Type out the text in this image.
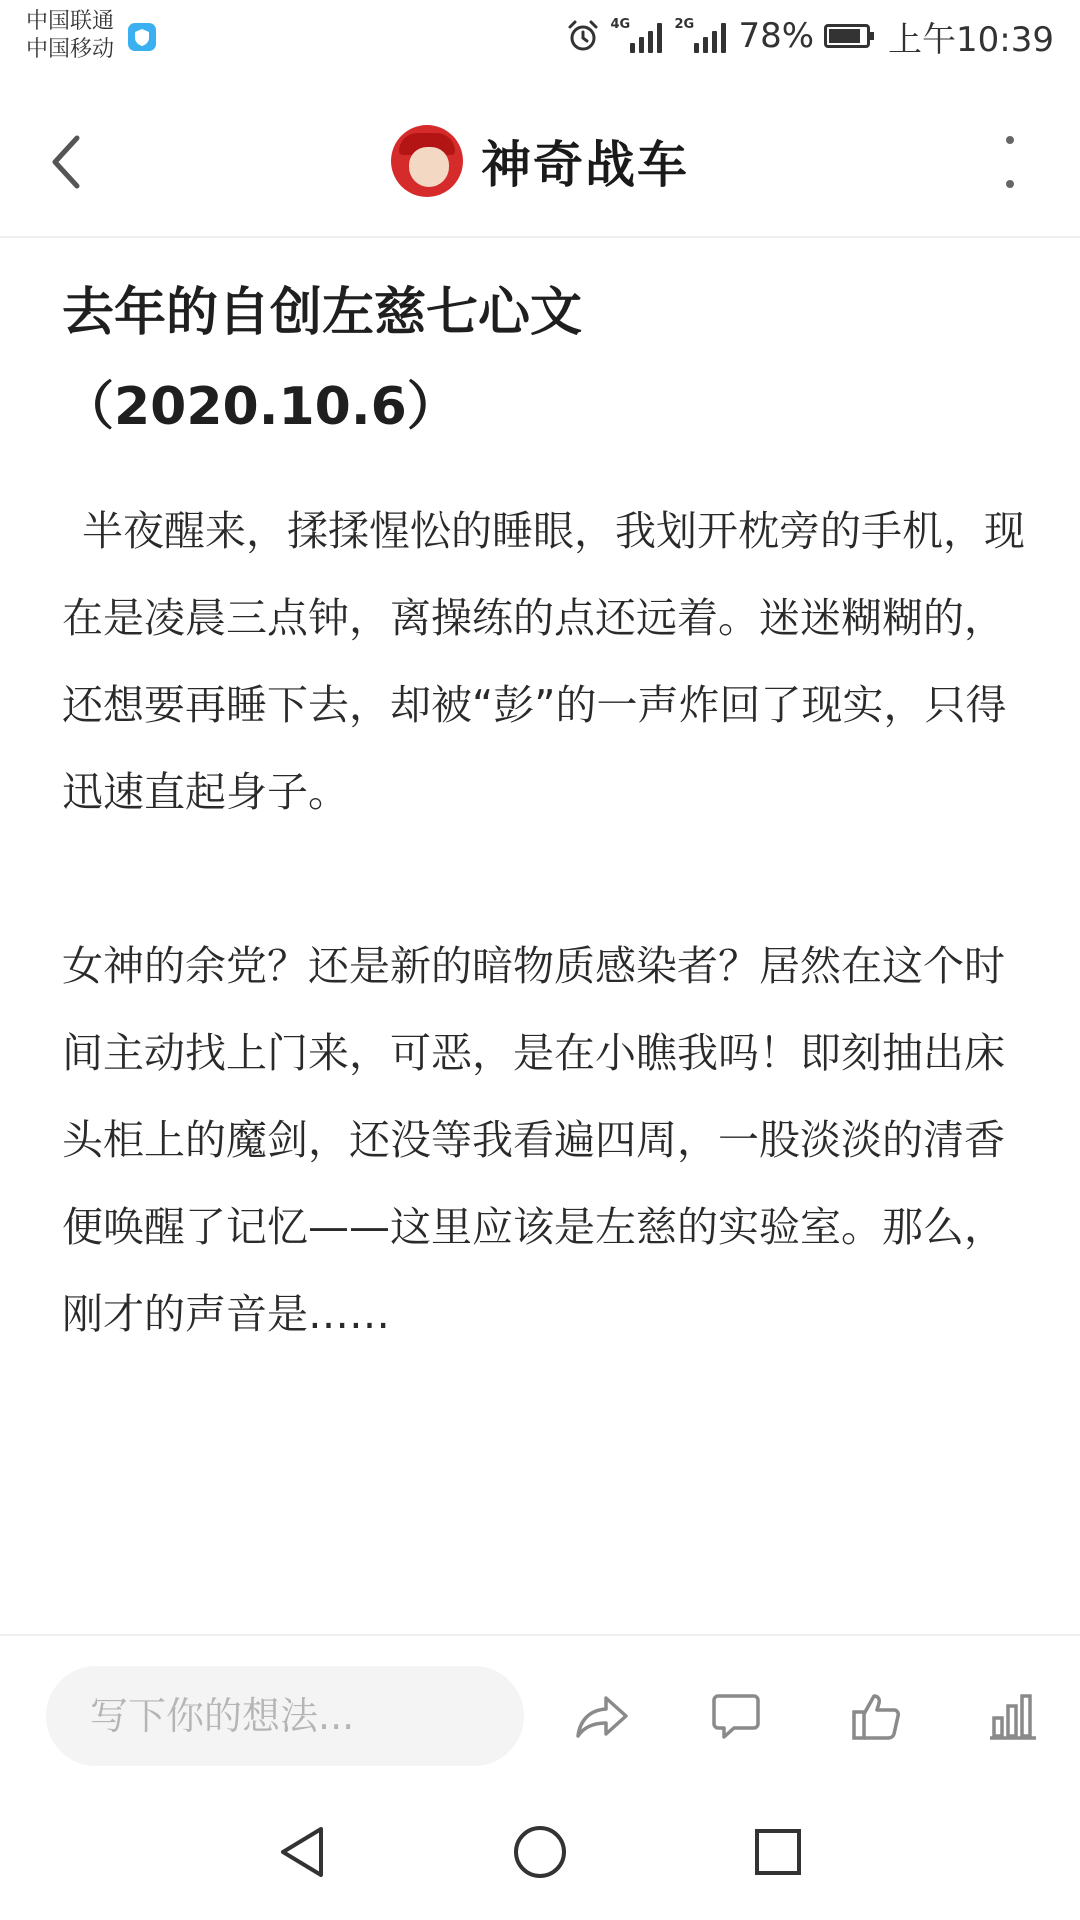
中国联通
中国移动
4G	2G 78% 上午10:39
神奇战车
去年的自创左慈七心文
（2020.10.6）

半夜醒来，揉揉惺忪的睡眼，我划开枕旁的手机，现在是凌晨三点钟，离操练的点还远着。迷迷糊糊的，还想要再睡下去，却被“彭”的一声炸回了现实，只得迅速直起身子。

女神的余党？还是新的暗物质感染者？居然在这个时间主动找上门来，可恶，是在小瞧我吗！即刻抽出床头柜上的魔剑，还没等我看遍四周，一股淡淡的清香便唤醒了记忆——这里应该是左慈的实验室。那么，刚才的声音是……

写下你的想法...
